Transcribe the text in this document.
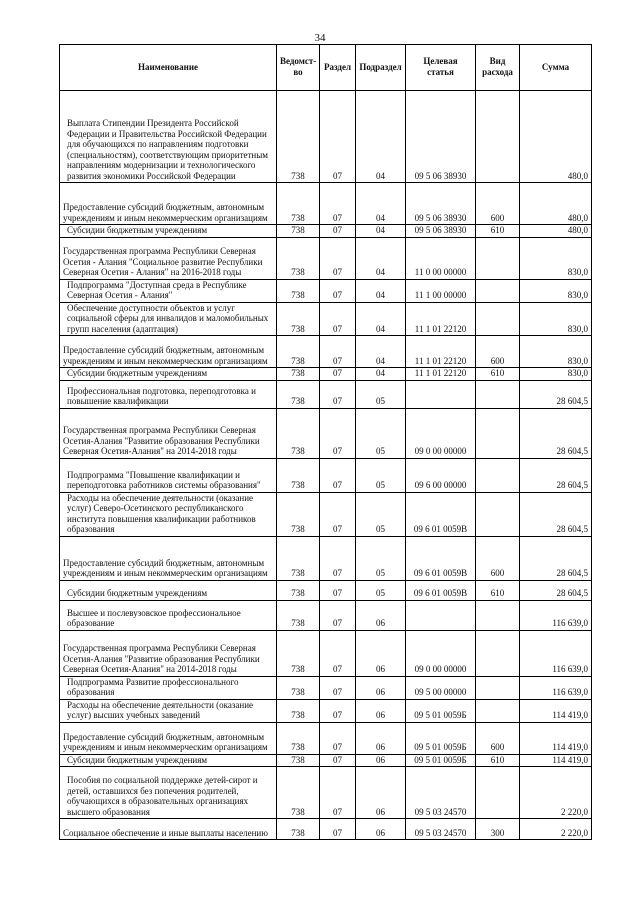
34
Наименование	Ведомст-во	Раздел	Подраздел	Целевая статья	Вид расхода	Сумма
Выплата Стипендии Президента Российской Федерации и Правительства Российской Федерации для обучающихся по направлениям подготовки (специальностям), соответствующим приоритетным направлениям модернизации и технологического развития экономики Российской Федерации	738	07	04	09 5 06 38930		480,0
Предоставление субсидий бюджетным, автономным учреждениям и иным некоммерческим организациям	738	07	04	09 5 06 38930	600	480,0
Субсидии бюджетным учреждениям	738	07	04	09 5 06 38930	610	480,0
Государственная программа Республики Северная Осетия - Алания "Социальное развитие Республики Северная Осетия - Алания" на 2016-2018 годы	738	07	04	11 0 00 00000		830,0
Подпрограмма "Доступная среда в Республике Северная Осетия - Алания"	738	07	04	11 1 00 00000		830,0
Обеспечение доступности объектов и услуг социальной сферы для инвалидов и маломобильных групп населения (адаптация)	738	07	04	11 1 01 22120		830,0
Предоставление субсидий бюджетным, автономным учреждениям и иным некоммерческим организациям	738	07	04	11 1 01 22120	600	830,0
Субсидии бюджетным учреждениям	738	07	04	11 1 01 22120	610	830,0
Профессиональная подготовка, переподготовка и повышение квалификации	738	07	05			28 604,5
Государственная программа Республики Северная Осетия-Алания "Развитие образования Республики Северная Осетия-Алания" на 2014-2018 годы	738	07	05	09 0 00 00000		28 604,5
Подпрограмма "Повышение квалификации и переподготовка работников системы образования"	738	07	05	09 6 00 00000		28 604,5
Расходы на обеспечение деятельности (оказание услуг) Северо-Осетинского республиканского института повышения квалификации работников образования	738	07	05	09 6 01 0059В		28 604,5
Предоставление субсидий бюджетным, автономным учреждениям и иным некоммерческим организациям	738	07	05	09 6 01 0059В	600	28 604,5
Субсидии бюджетным учреждениям	738	07	05	09 6 01 0059В	610	28 604,5
Высшее и послевузовское профессиональное образование	738	07	06			116 639,0
Государственная программа Республики Северная Осетия-Алания "Развитие образования Республики Северная Осетия-Алания" на 2014-2018 годы	738	07	06	09 0 00 00000		116 639,0
Подпрограмма Развитие профессионального образования	738	07	06	09 5 00 00000		116 639,0
Расходы на обеспечение деятельности (оказание услуг) высших учебных заведений	738	07	06	09 5 01 0059Б		114 419,0
Предоставление субсидий бюджетным, автономным учреждениям и иным некоммерческим организациям	738	07	06	09 5 01 0059Б	600	114 419,0
Субсидии бюджетным учреждениям	738	07	06	09 5 01 0059Б	610	114 419,0
Пособия по социальной поддержке детей-сирот и детей, оставшихся без попечения родителей, обучающихся в образовательных организациях высшего образования	738	07	06	09 5 03 24570		2 220,0
Социальное обеспечение и иные выплаты населению	738	07	06	09 5 03 24570	300	2 220,0
